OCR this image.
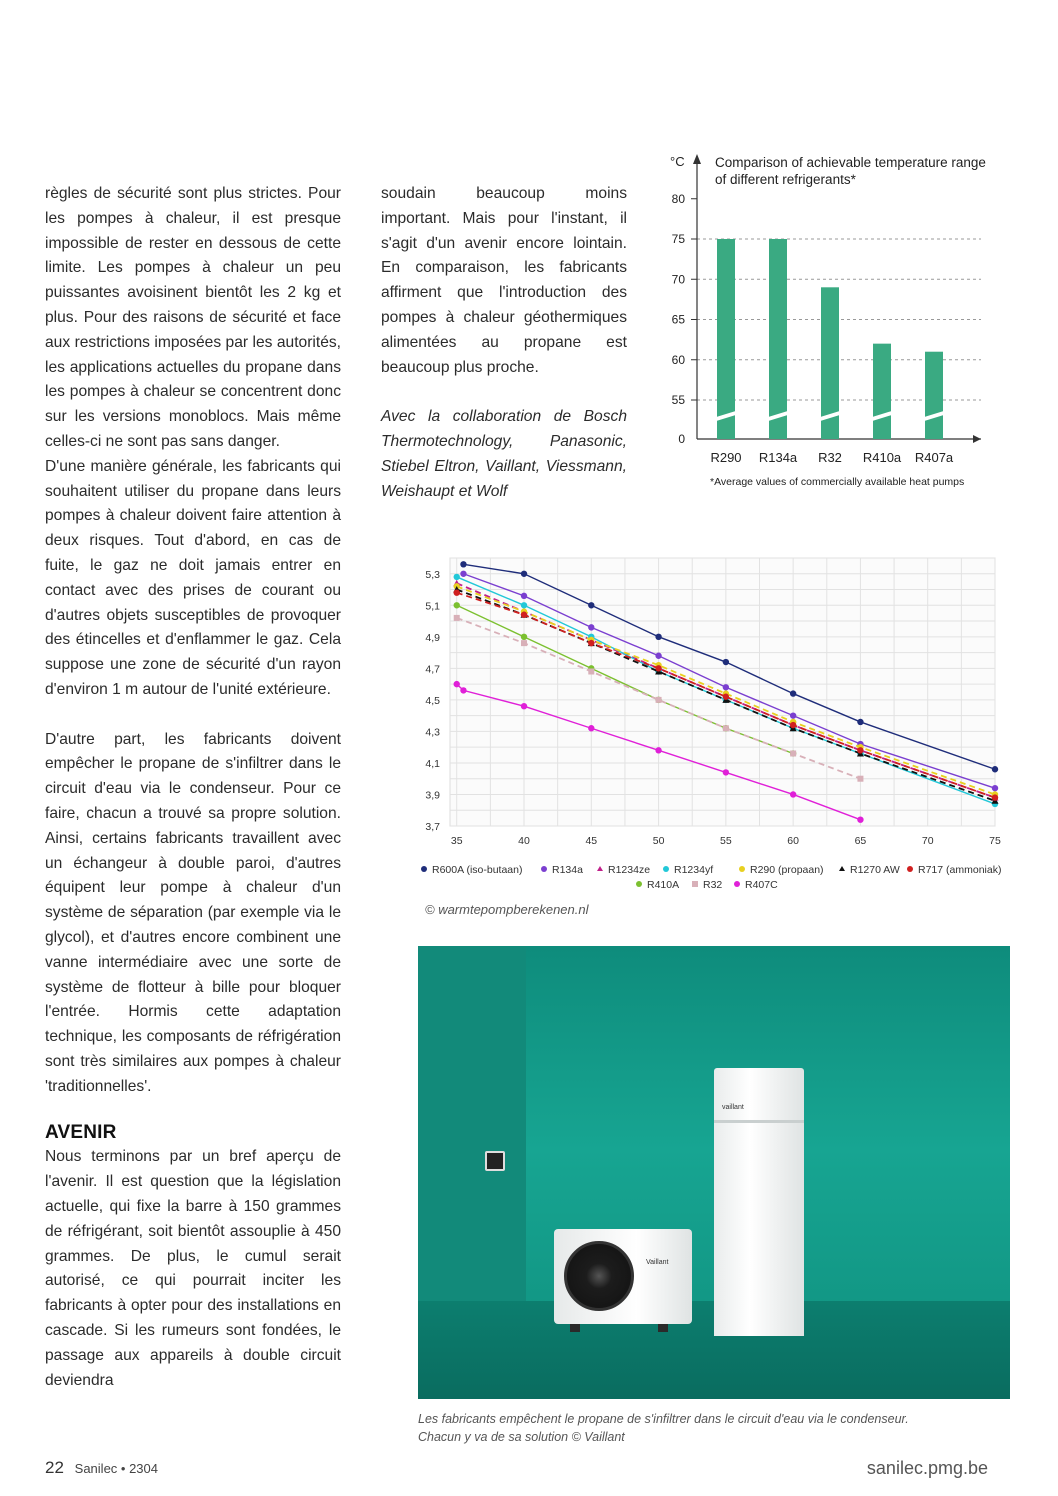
règles de sécurité sont plus strictes. Pour les pompes à chaleur, il est presque impossible de rester en dessous de cette limite. Les pompes à chaleur un peu puissantes avoisinent bientôt les 2 kg et plus. Pour des raisons de sécurité et face aux restrictions imposées par les autorités, les applications actuelles du propane dans les pompes à chaleur se concentrent donc sur les versions monoblocs. Mais même celles-ci ne sont pas sans danger.

D'une manière générale, les fabricants qui souhaitent utiliser du propane dans leurs pompes à chaleur doivent faire attention à deux risques. Tout d'abord, en cas de fuite, le gaz ne doit jamais entrer en contact avec des prises de courant ou d'autres objets susceptibles de provoquer des étincelles et d'enflammer le gaz. Cela suppose une zone de sécurité d'un rayon d'environ 1 m autour de l'unité extérieure.

D'autre part, les fabricants doivent empêcher le propane de s'infiltrer dans le circuit d'eau via le condenseur. Pour ce faire, chacun a trouvé sa propre solution. Ainsi, certains fabricants travaillent avec un échangeur à double paroi, d'autres équipent leur pompe à chaleur d'un système de séparation (par exemple via le glycol), et d'autres encore combinent une vanne intermédiaire avec une sorte de système de flotteur à bille pour bloquer l'entrée. Hormis cette adaptation technique, les composants de réfrigération sont très similaires aux pompes à chaleur 'traditionnelles'.

AVENIR

Nous terminons par un bref aperçu de l'avenir. Il est question que la législation actuelle, qui fixe la barre à 150 grammes de réfrigérant, soit bientôt assouplie à 450 grammes. De plus, le cumul serait autorisé, ce qui pourrait inciter les fabricants à opter pour des installations en cascade. Si les rumeurs sont fondées, le passage aux appareils à double circuit deviendra

soudain beaucoup moins important. Mais pour l'instant, il s'agit d'un avenir encore lointain. En comparaison, les fabricants affirment que l'introduction des pompes à chaleur géothermiques alimentées au propane est beaucoup plus proche.

Avec la collaboration de Bosch Thermotechnology, Panasonic, Stiebel Eltron, Vaillant, Viessmann, Weishaupt et Wolf

80
75
70
65
60
55
0
°C Comparison of achievable temperature range
of different refrigerants*
R290 R134a R32 R410a R407a
*Average values of commercially available heat pumps
5,3
5,1
4,9
4,7
4,5
4,3
4,1
3,9
3,7
35	40	45	50	55	60	65	70	75
R600A (iso-butaan)	R134a R1234ze R1234yf	R290 (propaan)	R1270 AW R717 (ammoniak)
R410A R32 R407C
© warmtepompberekenen.nl
vaillant
Vaillant
Les fabricants empêchent le propane de s'infiltrer dans le circuit d'eau via le condenseur.
Chacun y va de sa solution © Vaillant
22 Sanilec • 2304	sanilec.pmg.be
